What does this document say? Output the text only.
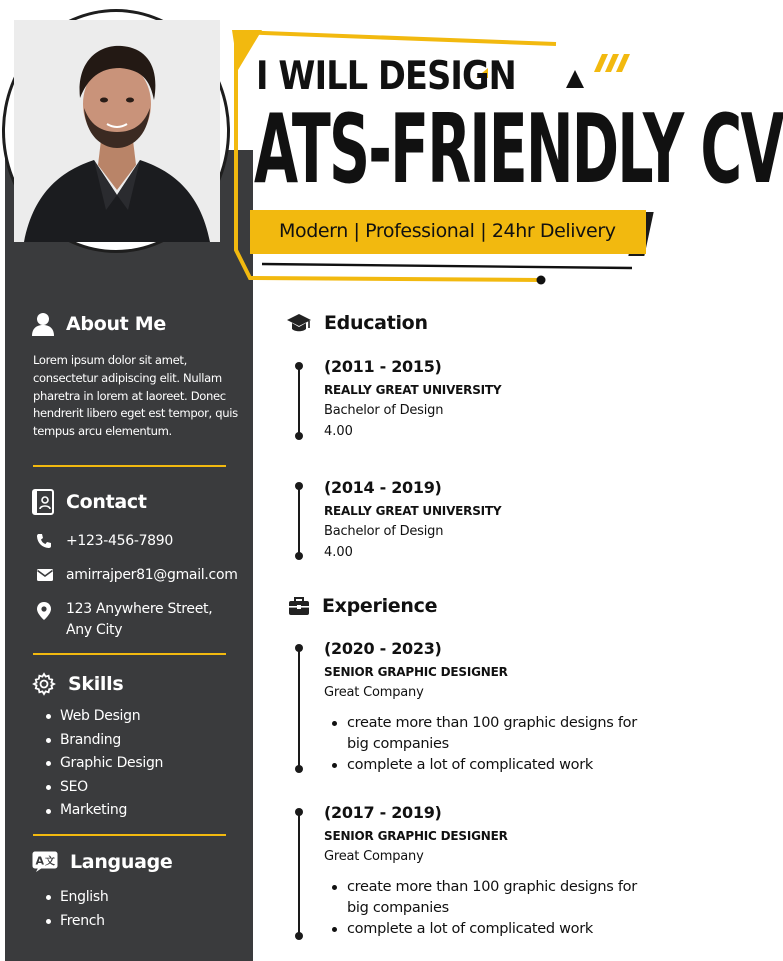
About Me
Lorem ipsum dolor sit amet, consectetur adipiscing elit. Nullam pharetra in lorem at laoreet. Donec hendrerit libero eget est tempor, quis tempus arcu elementum.
Contact
+123-456-7890
amirrajper81@gmail.com
123 Anywhere Street, Any City
Skills
Web Design
Branding
Graphic Design
SEO
Marketing
A 文 Language
English
French
I WILL DESIGN
ATS-FRIENDLY CV
Modern | Professional | 24hr Delivery
Education
(2011 - 2015)
REALLY GREAT UNIVERSITY
Bachelor of Design
4.00
(2014 - 2019)
REALLY GREAT UNIVERSITY
Bachelor of Design
4.00
Experience
(2020 - 2023)
SENIOR GRAPHIC DESIGNER
Great Company
create more than 100 graphic designs for big companies
complete a lot of complicated work
(2017 - 2019)
SENIOR GRAPHIC DESIGNER
Great Company
create more than 100 graphic designs for big companies
complete a lot of complicated work
